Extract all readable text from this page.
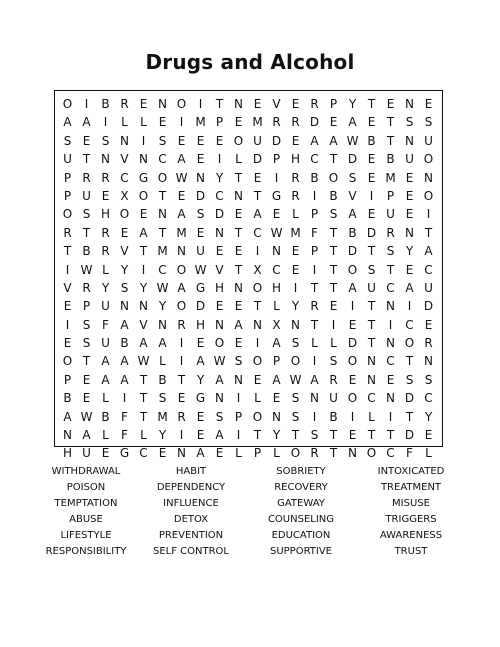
Drugs and Alcohol
O	I	B R E N O	I	T N E V E R P Y T E N E
A A	I	L	L E	I	M P E M R R D E A E T S S
S E S N	I	S E E E O U D E A A W B T N U
U T N V N C A E	I	L D P H C T D E B U O
P R R C G O W N Y T E	I	R B O S E M E N
P U E X O T E D C N T G R	I	B V	I	P E O
O S H O E N A S D E A E L	P S A E U E	I
R T R E A T M E N T C W M F T B D R N T
T B R V T M N U E E	I	N E P T D T S Y A
I W L Y	I	C O W V T X C E	I	T O S T E C
V R Y S Y W A G H N O H	I	T T A U C A U
E P U N N Y O D E E T L Y R E	I	T N	I	D
I	S F A V N R H N A N X N T	I	E T	I	C E
E S U B A A	I	E O E	I	A S L	L D T N O R
O T A A W L	I	A W S O P O	I	S O N C T N
P E A A T B T Y A N E A W A R E N E S S
B E L	I	T S E G N	I	L E S N U O C N D C
A W B F T M R E S P O N S	I	B	I	L	I	T Y
N A L	F	L Y	I	E A	I	T Y T S T E T T D E
H U E G C E N A E L	P	L O R T N O C F	L
WITHDRAWAL	HABIT	SOBRIETY	INTOXICATED
POISON	DEPENDENCY	RECOVERY	TREATMENT
TEMPTATION	INFLUENCE	GATEWAY	MISUSE
ABUSE	DETOX	COUNSELING	TRIGGERS
LIFESTYLE	PREVENTION	EDUCATION	AWARENESS
RESPONSIBILITY	SELF CONTROL	SUPPORTIVE	TRUST
